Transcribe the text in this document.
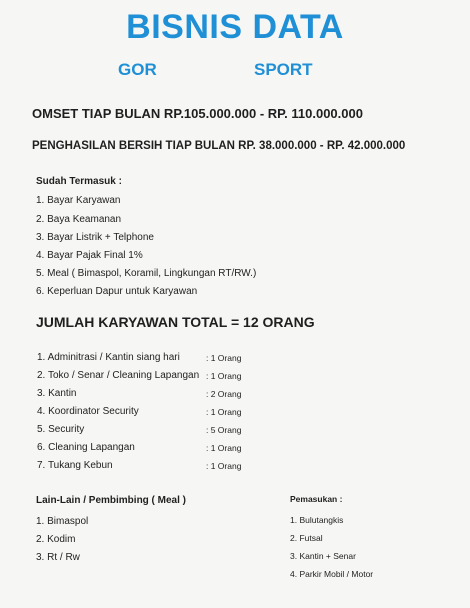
BISNIS DATA
GOR	SPORT
OMSET TIAP BULAN RP.105.000.000 - RP. 110.000.000
PENGHASILAN BERSIH TIAP BULAN RP. 38.000.000 - RP. 42.000.000
Sudah Termasuk :
1. Bayar Karyawan
2. Baya Keamanan
3. Bayar Listrik + Telphone
4. Bayar Pajak Final 1%
5. Meal ( Bimaspol, Koramil, Lingkungan RT/RW.)
6. Keperluan Dapur untuk Karyawan
JUMLAH KARYAWAN TOTAL = 12 ORANG
1. Adminitrasi / Kantin siang hari	: 1 Orang
2. Toko / Senar / Cleaning Lapangan : 1 Orang
3. Kantin	: 2 Orang
4. Koordinator Security	: 1 Orang
5. Security	: 5 Orang
6. Cleaning Lapangan	: 1 Orang
7. Tukang Kebun	: 1 Orang
Lain-Lain / Pembimbing ( Meal )
1. Bimaspol
2. Kodim
3. Rt / Rw
Pemasukan :
1. Bulutangkis
2. Futsal
3. Kantin + Senar
4. Parkir Mobil / Motor
